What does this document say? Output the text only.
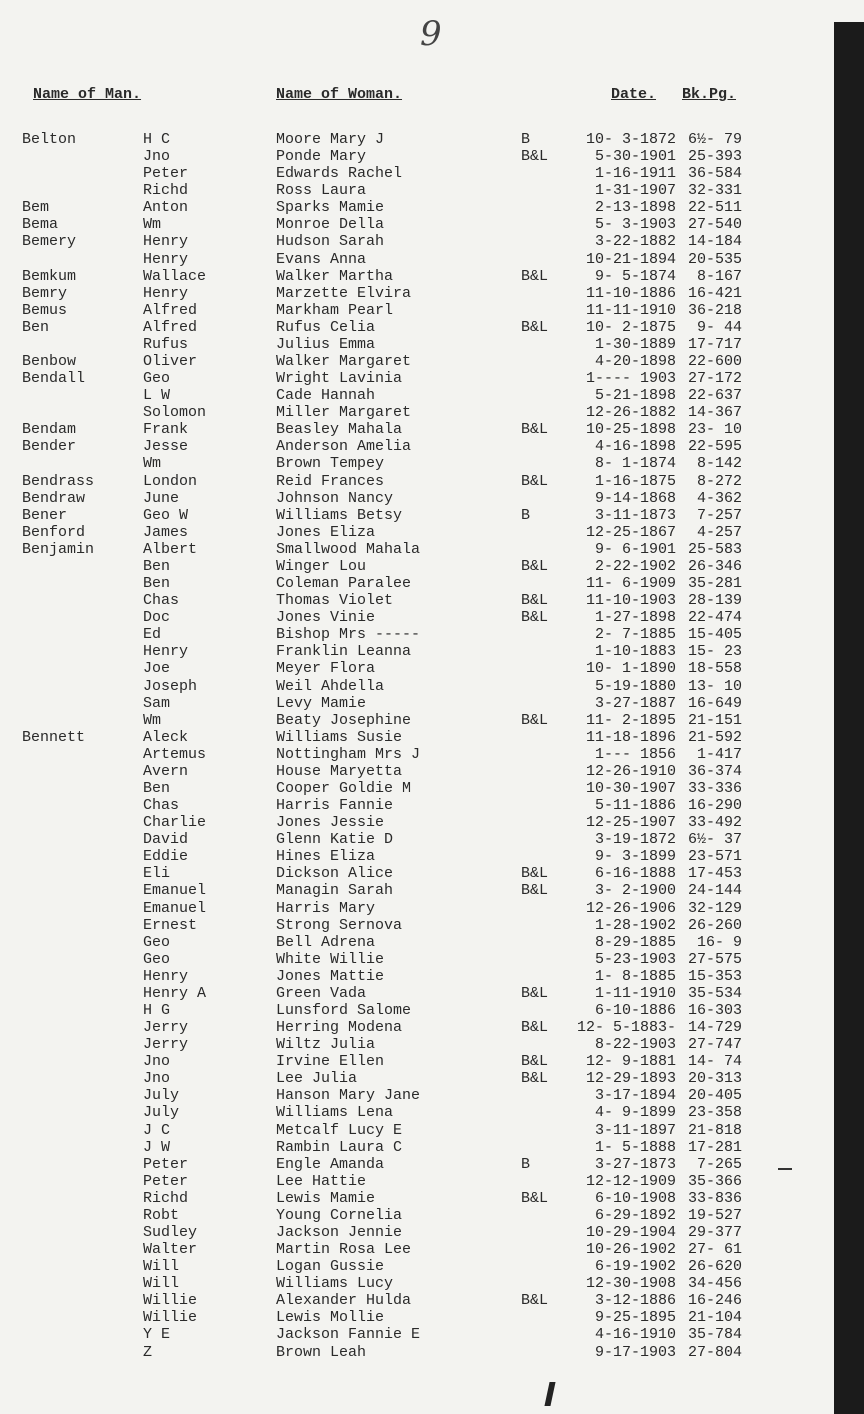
9
Name of Man.	Name of Woman.	Date. Bk.Pg.
Belton	H C	Moore Mary J	B	10- 3-1872 6½- 79
Jno	Ponde Mary	B&L	5-30-1901 25-393
Peter	Edwards Rachel	1-16-1911 36-584
Richd	Ross Laura	1-31-1907 32-331
Bem	Anton	Sparks Mamie	2-13-1898 22-511
Bema	Wm	Monroe Della	5- 3-1903 27-540
Bemery	Henry	Hudson Sarah	3-22-1882 14-184
Henry	Evans Anna	10-21-1894 20-535
Bemkum	Wallace	Walker Martha	B&L	9- 5-1874	8-167
Bemry	Henry	Marzette Elvira	11-10-1886 16-421
Bemus	Alfred	Markham Pearl	11-11-1910 36-218
Ben	Alfred	Rufus Celia	B&L	10- 2-1875	9- 44
Rufus	Julius Emma	1-30-1889 17-717
Benbow	Oliver	Walker Margaret	4-20-1898 22-600
Bendall	Geo	Wright Lavinia	1---- 1903 27-172
L W	Cade Hannah	5-21-1898 22-637
Solomon	Miller Margaret	12-26-1882 14-367
Bendam	Frank	Beasley Mahala	B&L	10-25-1898 23- 10
Bender	Jesse	Anderson Amelia	4-16-1898 22-595
Wm	Brown Tempey	8- 1-1874	8-142
Bendrass	London	Reid Frances	B&L	1-16-1875	8-272
Bendraw	June	Johnson Nancy	9-14-1868	4-362
Bener	Geo W	Williams Betsy	B	3-11-1873	7-257
Benford	James	Jones Eliza	12-25-1867	4-257
Benjamin	Albert	Smallwood Mahala	9- 6-1901 25-583
Ben	Winger Lou	B&L	2-22-1902 26-346
Ben	Coleman Paralee	11- 6-1909 35-281
Chas	Thomas Violet	B&L	11-10-1903 28-139
Doc	Jones Vinie	B&L	1-27-1898 22-474
Ed	Bishop Mrs -----	2- 7-1885 15-405
Henry	Franklin Leanna	1-10-1883 15- 23
Joe	Meyer Flora	10- 1-1890 18-558
Joseph	Weil Ahdella	5-19-1880 13- 10
Sam	Levy Mamie	3-27-1887 16-649
Wm	Beaty Josephine	B&L	11- 2-1895 21-151
Bennett	Aleck	Williams Susie	11-18-1896 21-592
Artemus	Nottingham Mrs J	1--- 1856	1-417
Avern	House Maryetta	12-26-1910 36-374
Ben	Cooper Goldie M	10-30-1907 33-336
Chas	Harris Fannie	5-11-1886 16-290
Charlie	Jones Jessie	12-25-1907 33-492
David	Glenn Katie D	3-19-1872 6½- 37
Eddie	Hines Eliza	9- 3-1899 23-571
Eli	Dickson Alice	B&L	6-16-1888 17-453
Emanuel	Managin Sarah	B&L	3- 2-1900 24-144
Emanuel	Harris Mary	12-26-1906 32-129
Ernest	Strong Sernova	1-28-1902 26-260
Geo	Bell Adrena	8-29-1885	16- 9
Geo	White Willie	5-23-1903 27-575
Henry	Jones Mattie	1- 8-1885 15-353
Henry A	Green Vada	B&L	1-11-1910 35-534
H G	Lunsford Salome	6-10-1886 16-303
Jerry	Herring Modena	B&L	12- 5-1883- 14-729
Jerry	Wiltz Julia	8-22-1903 27-747
Jno	Irvine Ellen	B&L	12- 9-1881 14- 74
Jno	Lee Julia	B&L	12-29-1893 20-313
July	Hanson Mary Jane	3-17-1894 20-405
July	Williams Lena	4- 9-1899 23-358
J C	Metcalf Lucy E	3-11-1897 21-818
J W	Rambin Laura C	1- 5-1888 17-281
Peter	Engle Amanda	B	3-27-1873	7-265
Peter	Lee Hattie	12-12-1909 35-366
Richd	Lewis Mamie	B&L	6-10-1908 33-836
Robt	Young Cornelia	6-29-1892 19-527
Sudley	Jackson Jennie	10-29-1904 29-377
Walter	Martin Rosa Lee	10-26-1902 27- 61
Will	Logan Gussie	6-19-1902 26-620
Will	Williams Lucy	12-30-1908 34-456
Willie	Alexander Hulda	B&L	3-12-1886 16-246
Willie	Lewis Mollie	9-25-1895 21-104
Y E	Jackson Fannie E	4-16-1910 35-784
Z	Brown Leah	9-17-1903 27-804
